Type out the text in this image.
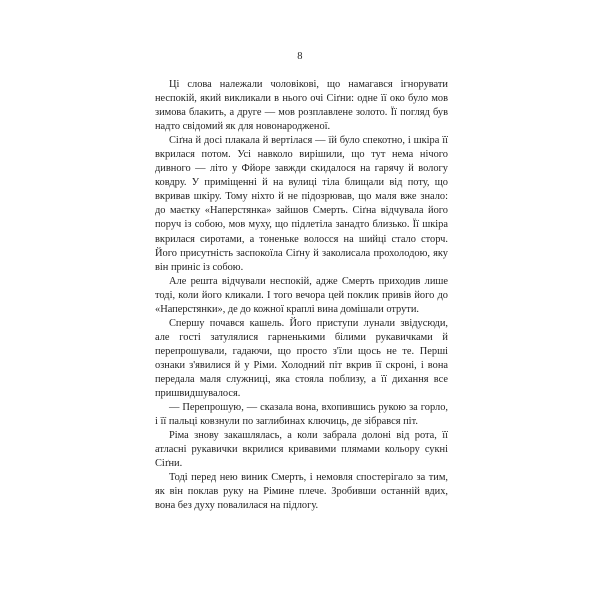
8

Ці слова належали чоловікові, що намагався ігнорувати неспокій, який викликали в нього очі Сіґни: одне її око було мов зимова блакить, а друге — мов розплавлене золото. Її погляд був надто свідомий як для новонародженої.

Сіґна й досі плакала й вертілася — їй було спекотно, і шкіра її вкрилася потом. Усі навколо вирішили, що тут нема нічого дивного — літо у Фйоре завжди скидалося на гарячу й вологу ковдру. У приміщенні й на вулиці тіла блищали від поту, що вкривав шкіру. Тому ніхто й не підозрював, що маля вже знало: до маєтку «Наперстянка» зайшов Смерть. Сіґна відчувала його поруч із собою, мов муху, що підлетіла занадто близько. Її шкіра вкрилася сиротами, а тоненьке волосся на шийці стало сторч. Його присутність заспокоїла Сіґну й заколисала прохолодою, яку він приніс із собою.

Але решта відчували неспокій, адже Смерть приходив лише тоді, коли його кликали. І того вечора цей поклик привів його до «Наперстянки», де до кожної краплі вина домішали отрути.

Спершу почався кашель. Його приступи лунали звідусюди, але гості затулялися гарненькими білими рукавичками й перепрошували, гадаючи, що просто з'їли щось не те. Перші ознаки з'явилися й у Ріми. Холодний піт вкрив її скроні, і вона передала маля служниці, яка стояла поблизу, а її дихання все пришвидшувалося.

— Перепрошую, — сказала вона, вхопившись рукою за горло, і її пальці ковзнули по заглибинах ключиць, де зібрався піт.

Ріма знову закашлялась, а коли забрала долоні від рота, її атласні рукавички вкрилися кривавими плямами кольору сукні Сіґни.

Тоді перед нею виник Смерть, і немовля спостерігало за тим, як він поклав руку на Рімине плече. Зробивши останній вдих, вона без духу повалилася на підлогу.
